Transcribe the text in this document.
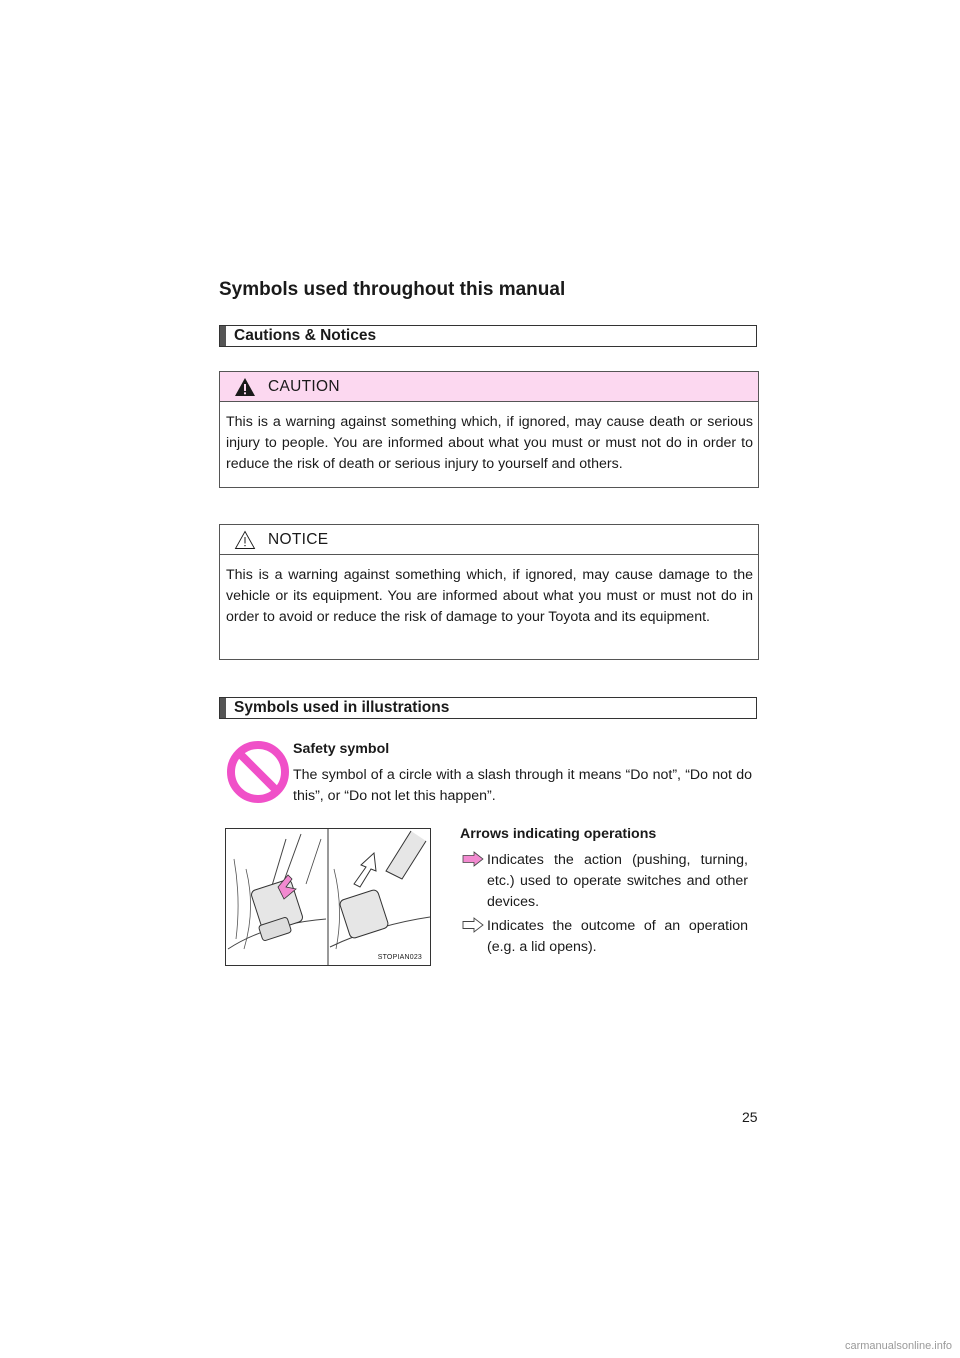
Symbols used throughout this manual
Cautions & Notices
CAUTION
This is a warning against something which, if ignored, may cause death or serious injury to people. You are informed about what you must or must not do in order to reduce the risk of death or serious injury to yourself and others.
NOTICE
This is a warning against something which, if ignored, may cause damage to the vehicle or its equipment. You are informed about what you must or must not do in order to avoid or reduce the risk of damage to your Toyota and its equipment.
Symbols used in illustrations
Safety symbol

The symbol of a circle with a slash through it means “Do not”, “Do not do this”, or “Do not let this happen”.

STOPIAN023
Arrows indicating operations

Indicates the action (pushing, turning, etc.) used to operate switches and other devices.

Indicates the outcome of an operation (e.g. a lid opens).

25
carmanualsonline.info
